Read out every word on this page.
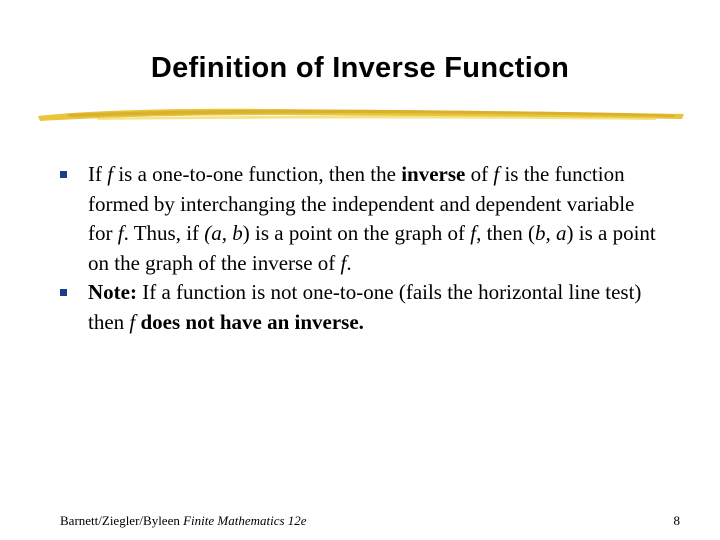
Definition of Inverse Function
If f is a one-to-one function, then the inverse of f is the function formed by interchanging the independent and dependent variable for f. Thus, if (a, b) is a point on the graph of f, then (b, a) is a point on the graph of the inverse of f.
Note: If a function is not one-to-one (fails the horizontal line test) then f does not have an inverse.
Barnett/Ziegler/Byleen Finite Mathematics 12e	8
